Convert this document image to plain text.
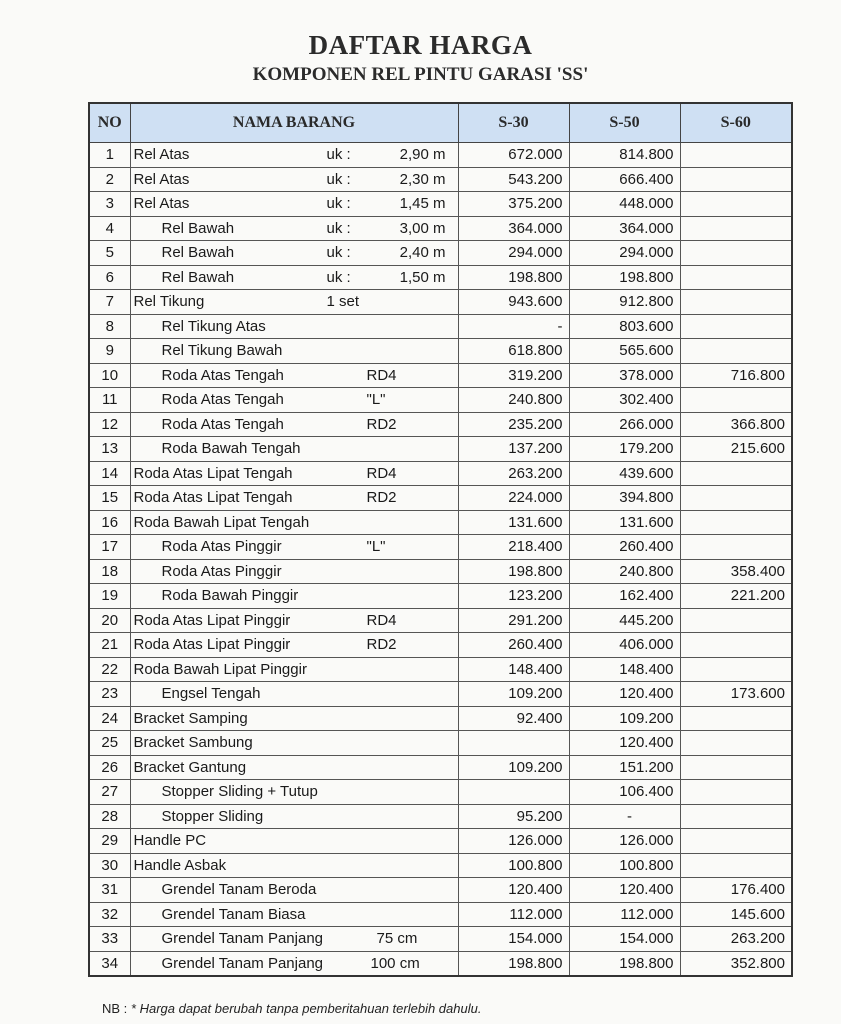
DAFTAR HARGA
KOMPONEN REL PINTU GARASI 'SS'
NO	NAMA BARANG	S-30	S-50	S-60
1	Rel Atas uk : 2,90 m	672.000	814.800	
2	Rel Atas uk : 2,30 m	543.200	666.400	
3	Rel Atas uk : 1,45 m	375.200	448.000	
4	Rel Bawah uk : 3,00 m	364.000	364.000	
5	Rel Bawah uk : 2,40 m	294.000	294.000	
6	Rel Bawah uk : 1,50 m	198.800	198.800	
7	Rel Tikung 1 set	943.600	912.800	
8	Rel Tikung Atas	-	803.600	
9	Rel Tikung Bawah	618.800	565.600	
10	Roda Atas Tengah RD4	319.200	378.000	716.800
11	Roda Atas Tengah "L"	240.800	302.400	
12	Roda Atas Tengah RD2	235.200	266.000	366.800
13	Roda Bawah Tengah	137.200	179.200	215.600
14	Roda Atas Lipat Tengah RD4	263.200	439.600	
15	Roda Atas Lipat Tengah RD2	224.000	394.800	
16	Roda Bawah Lipat Tengah	131.600	131.600	
17	Roda Atas Pinggir "L"	218.400	260.400	
18	Roda Atas Pinggir	198.800	240.800	358.400
19	Roda Bawah Pinggir	123.200	162.400	221.200
20	Roda Atas Lipat Pinggir RD4	291.200	445.200	
21	Roda Atas Lipat Pinggir RD2	260.400	406.000	
22	Roda Bawah Lipat Pinggir	148.400	148.400	
23	Engsel Tengah	109.200	120.400	173.600
24	Bracket Samping	92.400	109.200	
25	Bracket Sambung		120.400	
26	Bracket Gantung	109.200	151.200	
27	Stopper Sliding + Tutup		106.400	
28	Stopper Sliding	95.200	-	
29	Handle PC	126.000	126.000	
30	Handle Asbak	100.800	100.800	
31	Grendel Tanam Beroda	120.400	120.400	176.400
32	Grendel Tanam Biasa	112.000	112.000	145.600
33	Grendel Tanam Panjang 75 cm	154.000	154.000	263.200
34	Grendel Tanam Panjang 100 cm	198.800	198.800	352.800
NB : * Harga dapat berubah tanpa pemberitahuan terlebih dahulu.
